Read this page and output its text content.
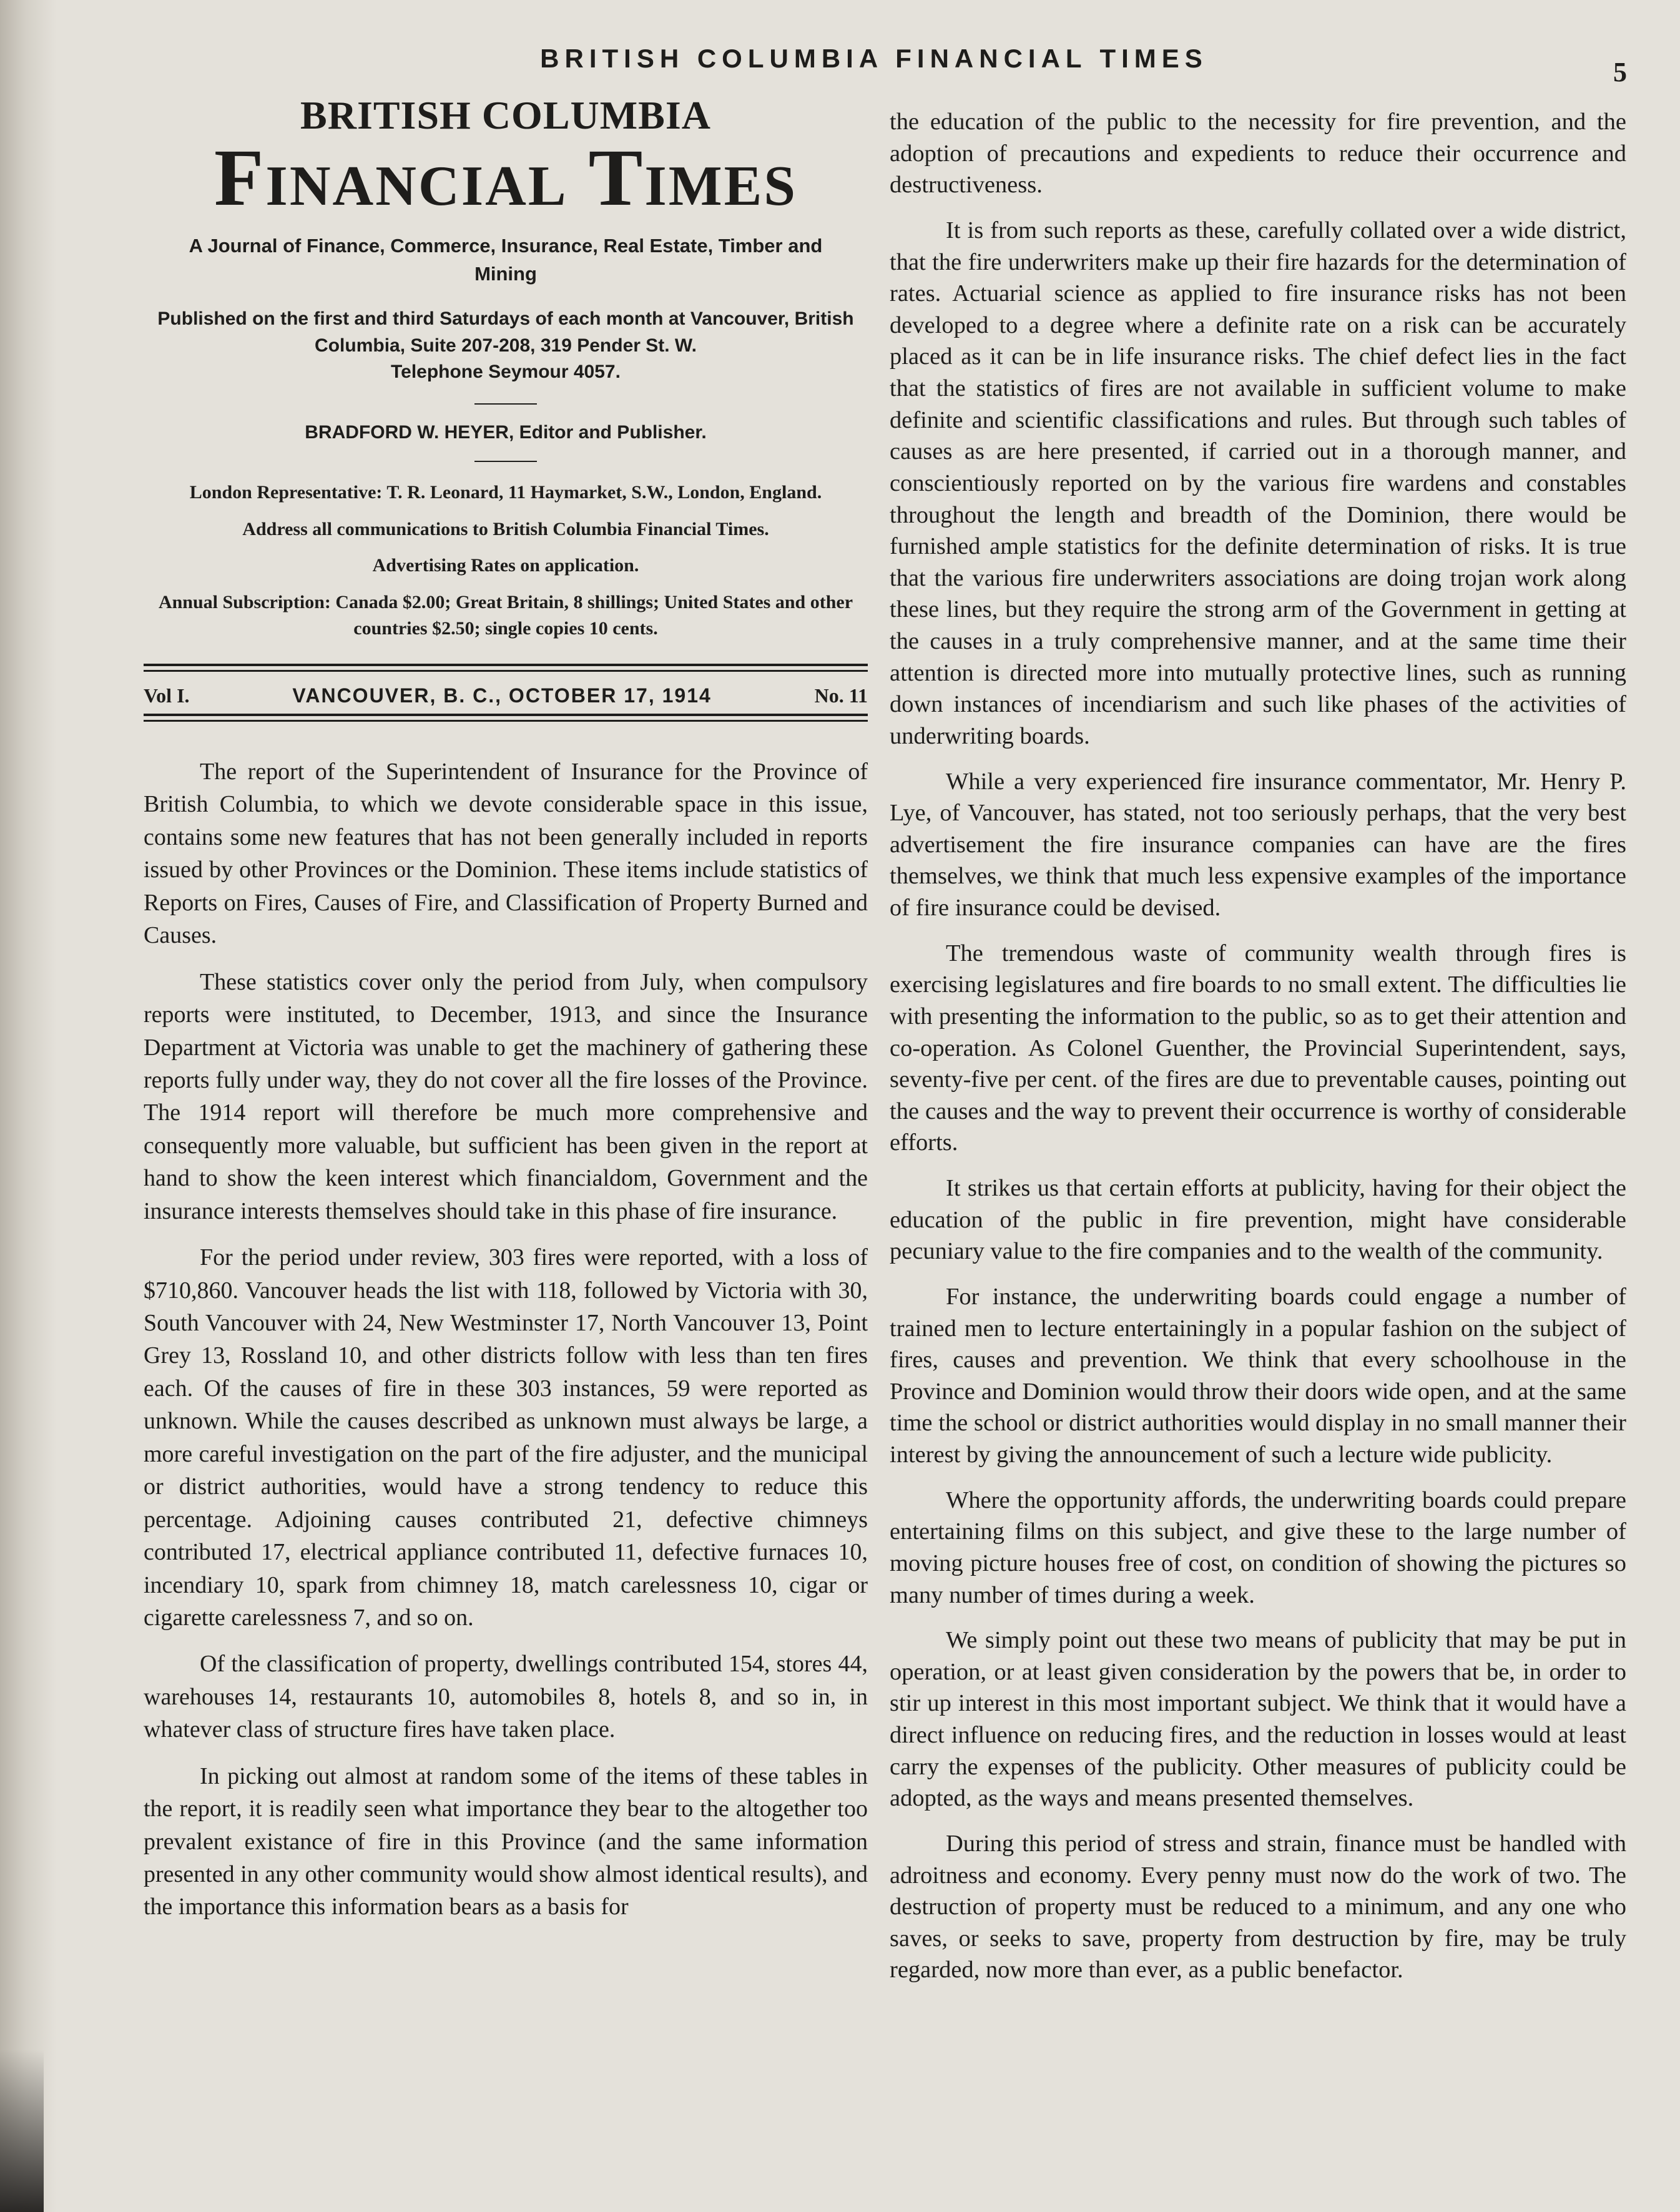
BRITISH COLUMBIA FINANCIAL TIMES	5
BRITISH COLUMBIA
Financial Times
A Journal of Finance, Commerce, Insurance, Real Estate, Timber and Mining
Published on the first and third Saturdays of each month at Vancouver, British Columbia, Suite 207-208, 319 Pender St. W.
Telephone Seymour 4057.
BRADFORD W. HEYER, Editor and Publisher.
London Representative: T. R. Leonard, 11 Haymarket, S.W., London, England.
Address all communications to British Columbia Financial Times.
Advertising Rates on application.
Annual Subscription: Canada $2.00; Great Britain, 8 shillings; United States and other countries $2.50; single copies 10 cents.
Vol I.	VANCOUVER, B. C., OCTOBER 17, 1914	No. 11

The report of the Superintendent of Insurance for the Province of British Columbia, to which we devote considerable space in this issue, contains some new features that has not been generally included in reports issued by other Provinces or the Dominion. These items include statistics of Reports on Fires, Causes of Fire, and Classification of Property Burned and Causes.

These statistics cover only the period from July, when compulsory reports were instituted, to December, 1913, and since the Insurance Department at Victoria was unable to get the machinery of gathering these reports fully under way, they do not cover all the fire losses of the Province. The 1914 report will therefore be much more comprehensive and consequently more valuable, but sufficient has been given in the report at hand to show the keen interest which financialdom, Government and the insurance interests themselves should take in this phase of fire insurance.

For the period under review, 303 fires were reported, with a loss of $710,860. Vancouver heads the list with 118, followed by Victoria with 30, South Vancouver with 24, New Westminster 17, North Vancouver 13, Point Grey 13, Rossland 10, and other districts follow with less than ten fires each. Of the causes of fire in these 303 instances, 59 were reported as unknown. While the causes described as unknown must always be large, a more careful investigation on the part of the fire adjuster, and the municipal or district authorities, would have a strong tendency to reduce this percentage. Adjoining causes contributed 21, defective chimneys contributed 17, electrical appliance contributed 11, defective furnaces 10, incendiary 10, spark from chimney 18, match carelessness 10, cigar or cigarette carelessness 7, and so on.

Of the classification of property, dwellings contributed 154, stores 44, warehouses 14, restaurants 10, automobiles 8, hotels 8, and so in, in whatever class of structure fires have taken place.

In picking out almost at random some of the items of these tables in the report, it is readily seen what importance they bear to the altogether too prevalent existance of fire in this Province (and the same information presented in any other community would show almost identical results), and the importance this information bears as a basis for

the education of the public to the necessity for fire prevention, and the adoption of precautions and expedients to reduce their occurrence and destructiveness.

It is from such reports as these, carefully collated over a wide district, that the fire underwriters make up their fire hazards for the determination of rates. Actuarial science as applied to fire insurance risks has not been developed to a degree where a definite rate on a risk can be accurately placed as it can be in life insurance risks. The chief defect lies in the fact that the statistics of fires are not available in sufficient volume to make definite and scientific classifications and rules. But through such tables of causes as are here presented, if carried out in a thorough manner, and conscientiously reported on by the various fire wardens and constables throughout the length and breadth of the Dominion, there would be furnished ample statistics for the definite determination of risks. It is true that the various fire underwriters associations are doing trojan work along these lines, but they require the strong arm of the Government in getting at the causes in a truly comprehensive manner, and at the same time their attention is directed more into mutually protective lines, such as running down instances of incendiarism and such like phases of the activities of underwriting boards.

While a very experienced fire insurance commentator, Mr. Henry P. Lye, of Vancouver, has stated, not too seriously perhaps, that the very best advertisement the fire insurance companies can have are the fires themselves, we think that much less expensive examples of the importance of fire insurance could be devised.

The tremendous waste of community wealth through fires is exercising legislatures and fire boards to no small extent. The difficulties lie with presenting the information to the public, so as to get their attention and co-operation. As Colonel Guenther, the Provincial Superintendent, says, seventy-five per cent. of the fires are due to preventable causes, pointing out the causes and the way to prevent their occurrence is worthy of considerable efforts.

It strikes us that certain efforts at publicity, having for their object the education of the public in fire prevention, might have considerable pecuniary value to the fire companies and to the wealth of the community.

For instance, the underwriting boards could engage a number of trained men to lecture entertainingly in a popular fashion on the subject of fires, causes and prevention. We think that every schoolhouse in the Province and Dominion would throw their doors wide open, and at the same time the school or district authorities would display in no small manner their interest by giving the announcement of such a lecture wide publicity.

Where the opportunity affords, the underwriting boards could prepare entertaining films on this subject, and give these to the large number of moving picture houses free of cost, on condition of showing the pictures so many number of times during a week.

We simply point out these two means of publicity that may be put in operation, or at least given consideration by the powers that be, in order to stir up interest in this most important subject. We think that it would have a direct influence on reducing fires, and the reduction in losses would at least carry the expenses of the publicity. Other measures of publicity could be adopted, as the ways and means presented themselves.

During this period of stress and strain, finance must be handled with adroitness and economy. Every penny must now do the work of two. The destruction of property must be reduced to a minimum, and any one who saves, or seeks to save, property from destruction by fire, may be truly regarded, now more than ever, as a public benefactor.
